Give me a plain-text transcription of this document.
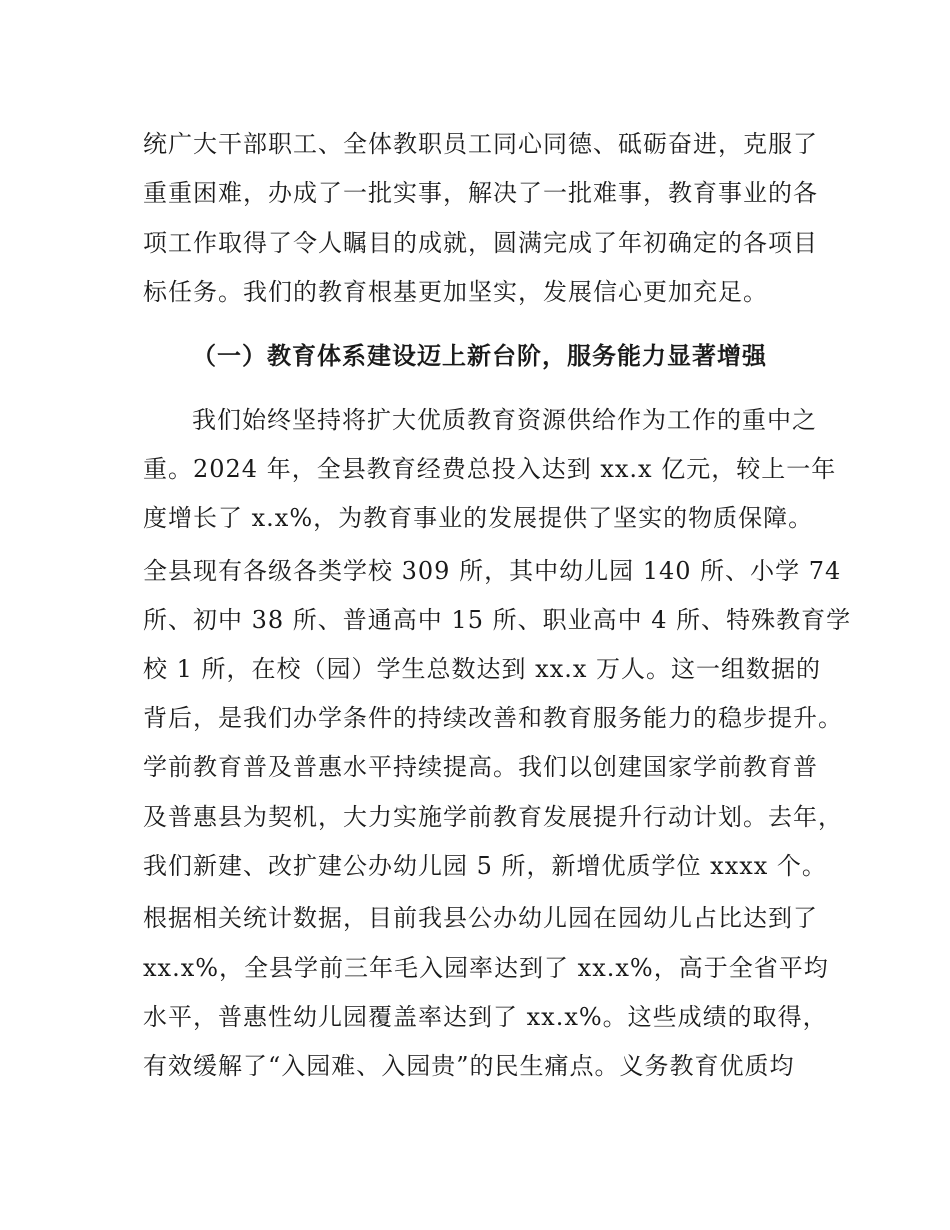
统广大干部职工、全体教职员工同心同德、砥砺奋进，克服了
重重困难，办成了一批实事，解决了一批难事，教育事业的各
项工作取得了令人瞩目的成就，圆满完成了年初确定的各项目
标任务。我们的教育根基更加坚实，发展信心更加充足。
（一）教育体系建设迈上新台阶，服务能力显著增强
我们始终坚持将扩大优质教育资源供给作为工作的重中之
重。2024 年，全县教育经费总投入达到 xx.x 亿元，较上一年
度增长了 x.x%，为教育事业的发展提供了坚实的物质保障。
全县现有各级各类学校 309 所，其中幼儿园 140 所、小学 74
所、初中 38 所、普通高中 15 所、职业高中 4 所、特殊教育学
校 1 所，在校（园）学生总数达到 xx.x 万人。这一组数据的
背后，是我们办学条件的持续改善和教育服务能力的稳步提升。
学前教育普及普惠水平持续提高。我们以创建国家学前教育普
及普惠县为契机，大力实施学前教育发展提升行动计划。去年，
我们新建、改扩建公办幼儿园 5 所，新增优质学位 xxxx 个。
根据相关统计数据，目前我县公办幼儿园在园幼儿占比达到了
xx.x%，全县学前三年毛入园率达到了 xx.x%，高于全省平均
水平，普惠性幼儿园覆盖率达到了 xx.x%。这些成绩的取得，
有效缓解了“入园难、入园贵”的民生痛点。义务教育优质均
